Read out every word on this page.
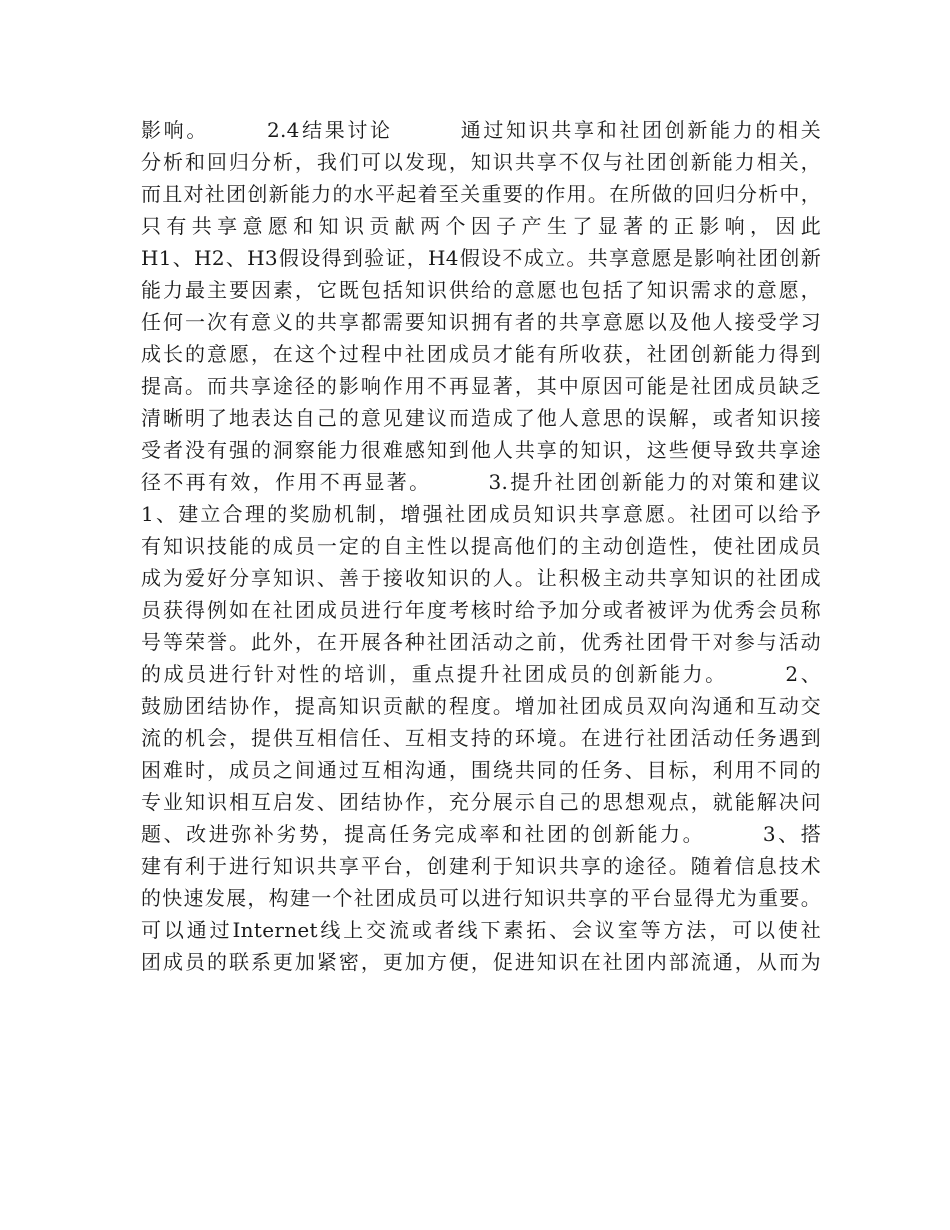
影响。　　　2.4结果讨论　　　通过知识共享和社团创新能力的相关
分析和回归分析，我们可以发现，知识共享不仅与社团创新能力相关，
而且对社团创新能力的水平起着至关重要的作用。在所做的回归分析中，
只有共享意愿和知识贡献两个因子产生了显著的正影响，因此
H1、H2、H3假设得到验证，H4假设不成立。共享意愿是影响社团创新
能力最主要因素，它既包括知识供给的意愿也包括了知识需求的意愿，
任何一次有意义的共享都需要知识拥有者的共享意愿以及他人接受学习
成长的意愿，在这个过程中社团成员才能有所收获，社团创新能力得到
提高。而共享途径的影响作用不再显著，其中原因可能是社团成员缺乏
清晰明了地表达自己的意见建议而造成了他人意思的误解，或者知识接
受者没有强的洞察能力很难感知到他人共享的知识，这些便导致共享途
径不再有效，作用不再显著。　　　3.提升社团创新能力的对策和建议
1、建立合理的奖励机制，增强社团成员知识共享意愿。社团可以给予
有知识技能的成员一定的自主性以提高他们的主动创造性，使社团成员
成为爱好分享知识、善于接收知识的人。让积极主动共享知识的社团成
员获得例如在社团成员进行年度考核时给予加分或者被评为优秀会员称
号等荣誉。此外，在开展各种社团活动之前，优秀社团骨干对参与活动
的成员进行针对性的培训，重点提升社团成员的创新能力。　　　2、
鼓励团结协作，提高知识贡献的程度。增加社团成员双向沟通和互动交
流的机会，提供互相信任、互相支持的环境。在进行社团活动任务遇到
困难时，成员之间通过互相沟通，围绕共同的任务、目标，利用不同的
专业知识相互启发、团结协作，充分展示自己的思想观点，就能解决问
题、改进弥补劣势，提高任务完成率和社团的创新能力。　　　3、搭
建有利于进行知识共享平台，创建利于知识共享的途径。随着信息技术
的快速发展，构建一个社团成员可以进行知识共享的平台显得尤为重要。
可以通过Internet线上交流或者线下素拓、会议室等方法，可以使社
团成员的联系更加紧密，更加方便，促进知识在社团内部流通，从而为
